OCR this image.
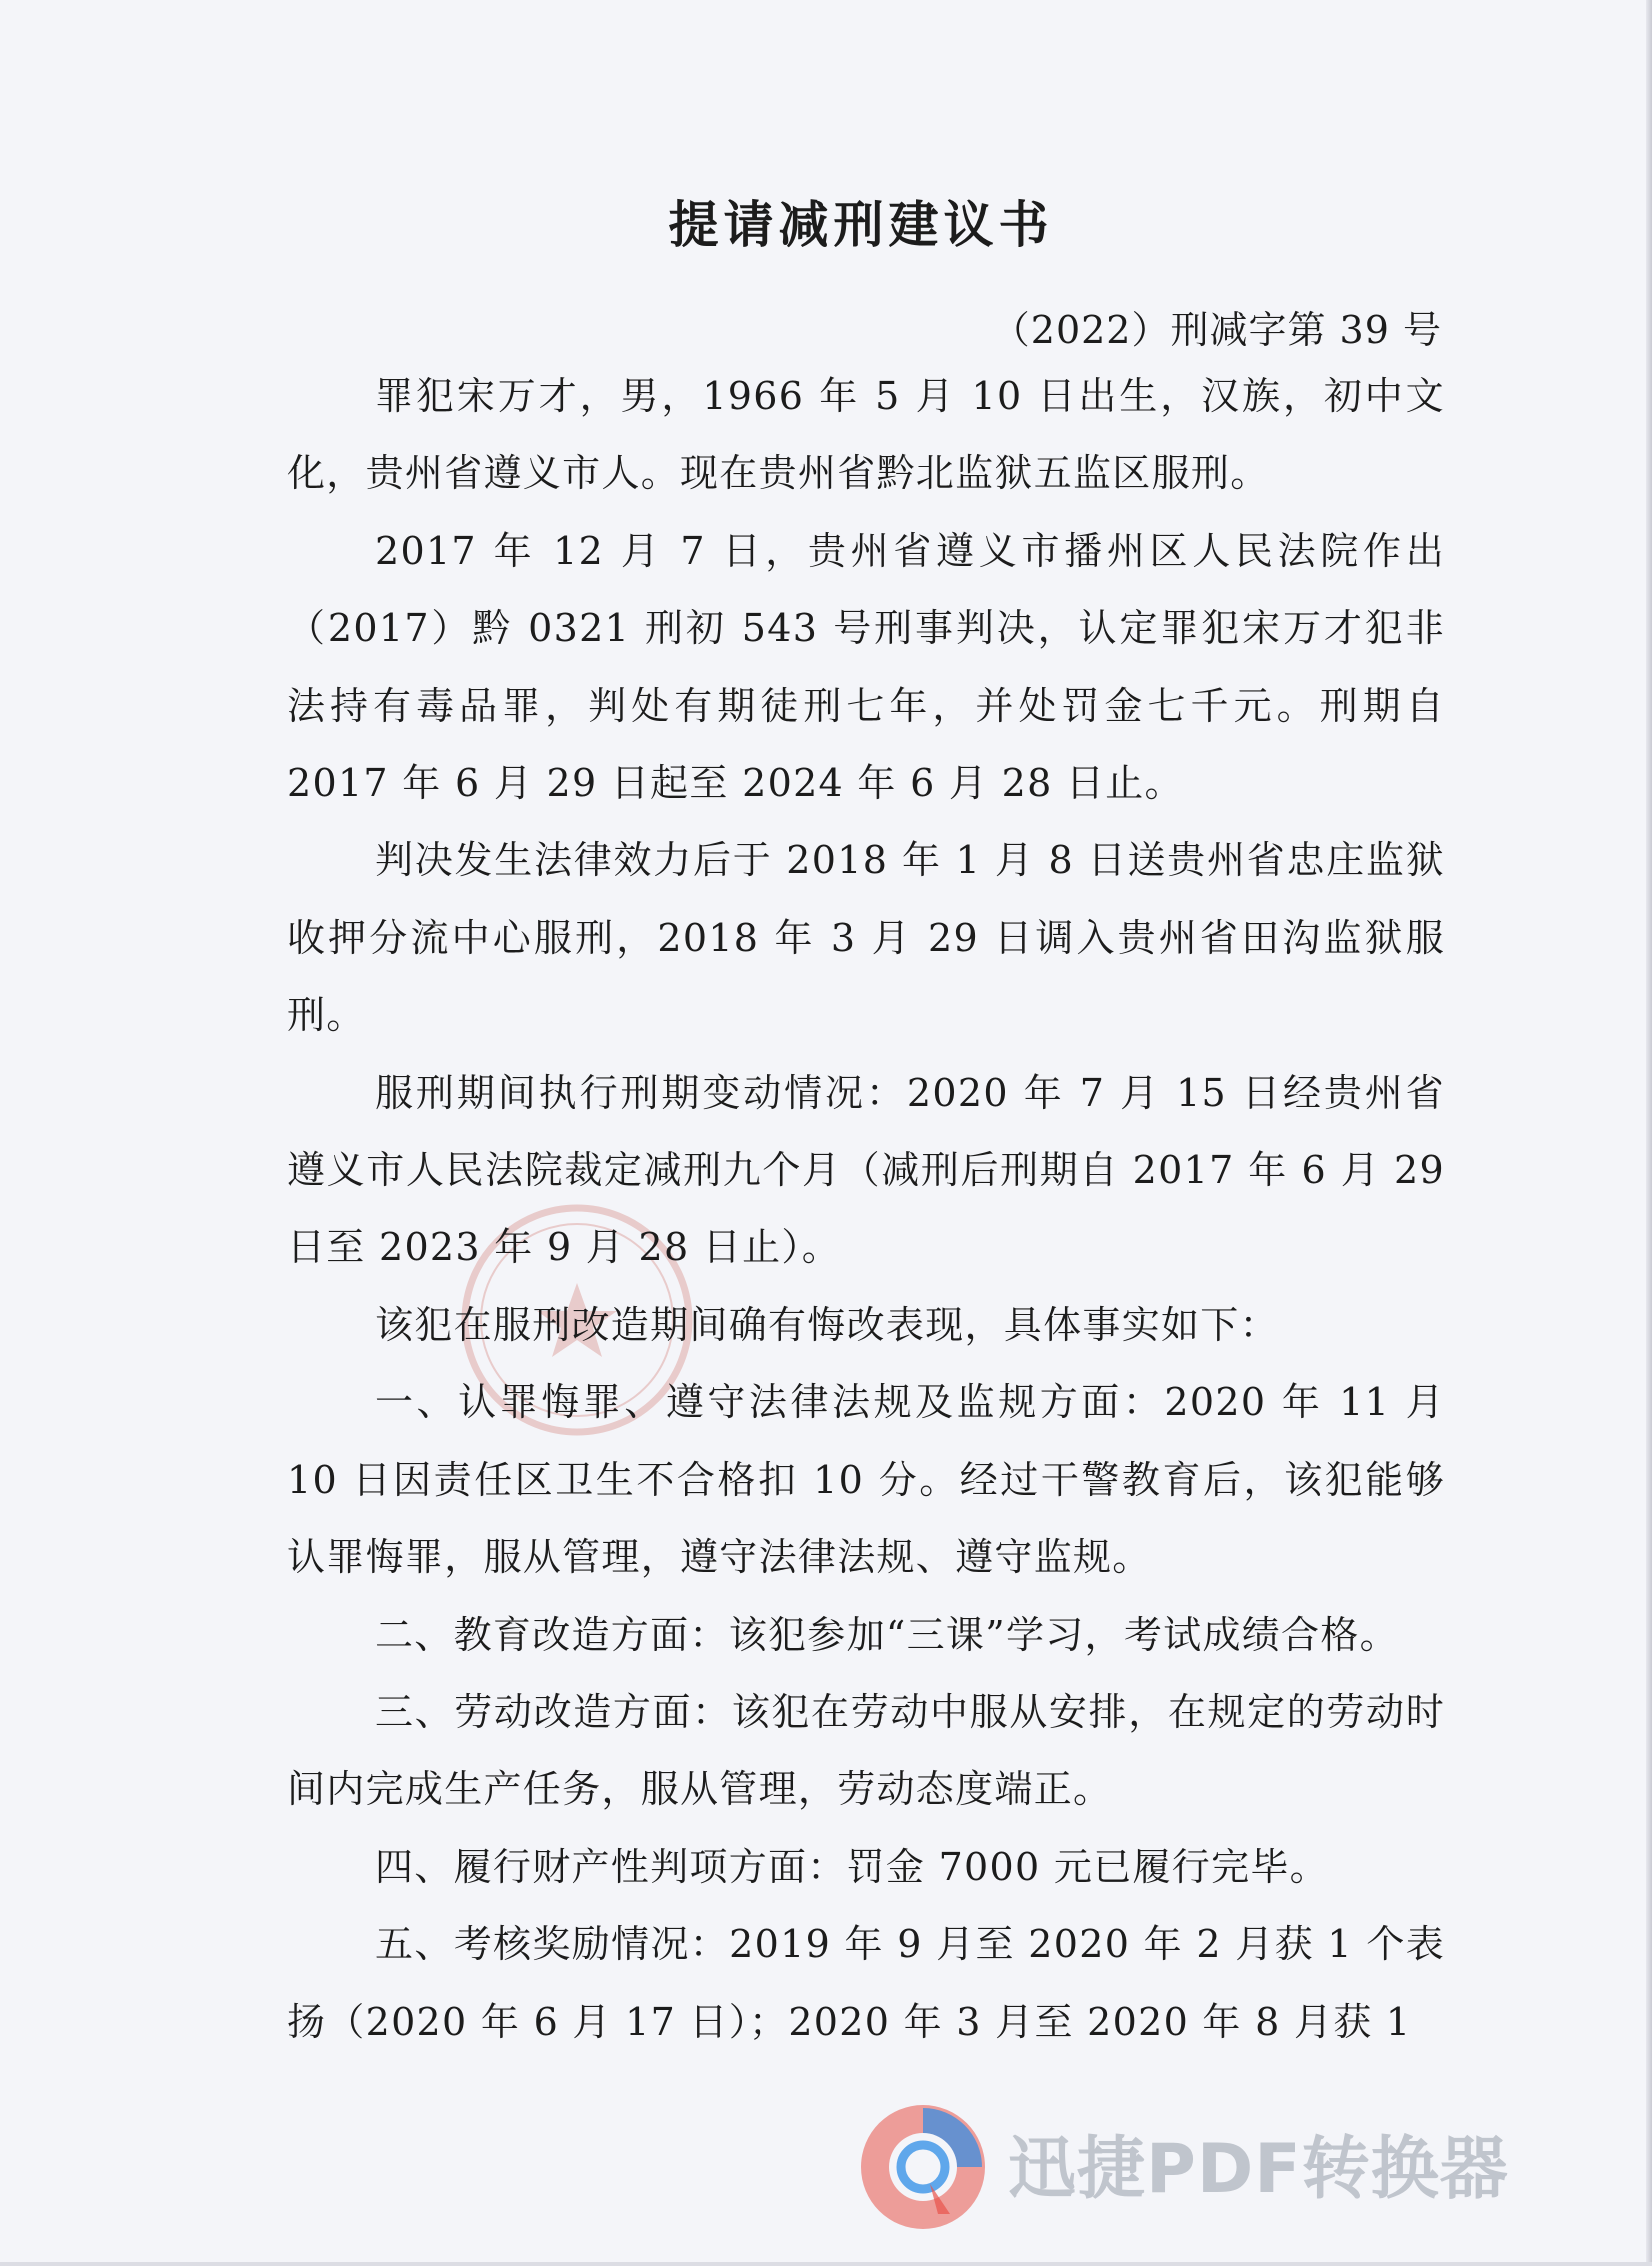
提请减刑建议书
（2022）刑减字第 39 号

罪犯宋万才，男，1966 年 5 月 10 日出生，汉族，初中文化，贵州省遵义市人。现在贵州省黔北监狱五监区服刑。

2017 年 12 月 7 日，贵州省遵义市播州区人民法院作出（2017）黔 0321 刑初 543 号刑事判决，认定罪犯宋万才犯非法持有毒品罪，判处有期徒刑七年，并处罚金七千元。刑期自 2017 年 6 月 29 日起至 2024 年 6 月 28 日止。

判决发生法律效力后于 2018 年 1 月 8 日送贵州省忠庄监狱收押分流中心服刑，2018 年 3 月 29 日调入贵州省田沟监狱服刑。

服刑期间执行刑期变动情况：2020 年 7 月 15 日经贵州省遵义市人民法院裁定减刑九个月（减刑后刑期自 2017 年 6 月 29 日至 2023 年 9 月 28 日止）。

该犯在服刑改造期间确有悔改表现，具体事实如下：

一、认罪悔罪、遵守法律法规及监规方面：2020 年 11 月 10 日因责任区卫生不合格扣 10 分。经过干警教育后，该犯能够认罪悔罪，服从管理，遵守法律法规、遵守监规。

二、教育改造方面：该犯参加“三课”学习，考试成绩合格。

三、劳动改造方面：该犯在劳动中服从安排，在规定的劳动时间内完成生产任务，服从管理，劳动态度端正。

四、履行财产性判项方面：罚金 7000 元已履行完毕。

五、考核奖励情况：2019 年 9 月至 2020 年 2 月获 1 个表扬（2020 年 6 月 17 日）；2020 年 3 月至 2020 年 8 月获 1

迅捷PDF转换器
